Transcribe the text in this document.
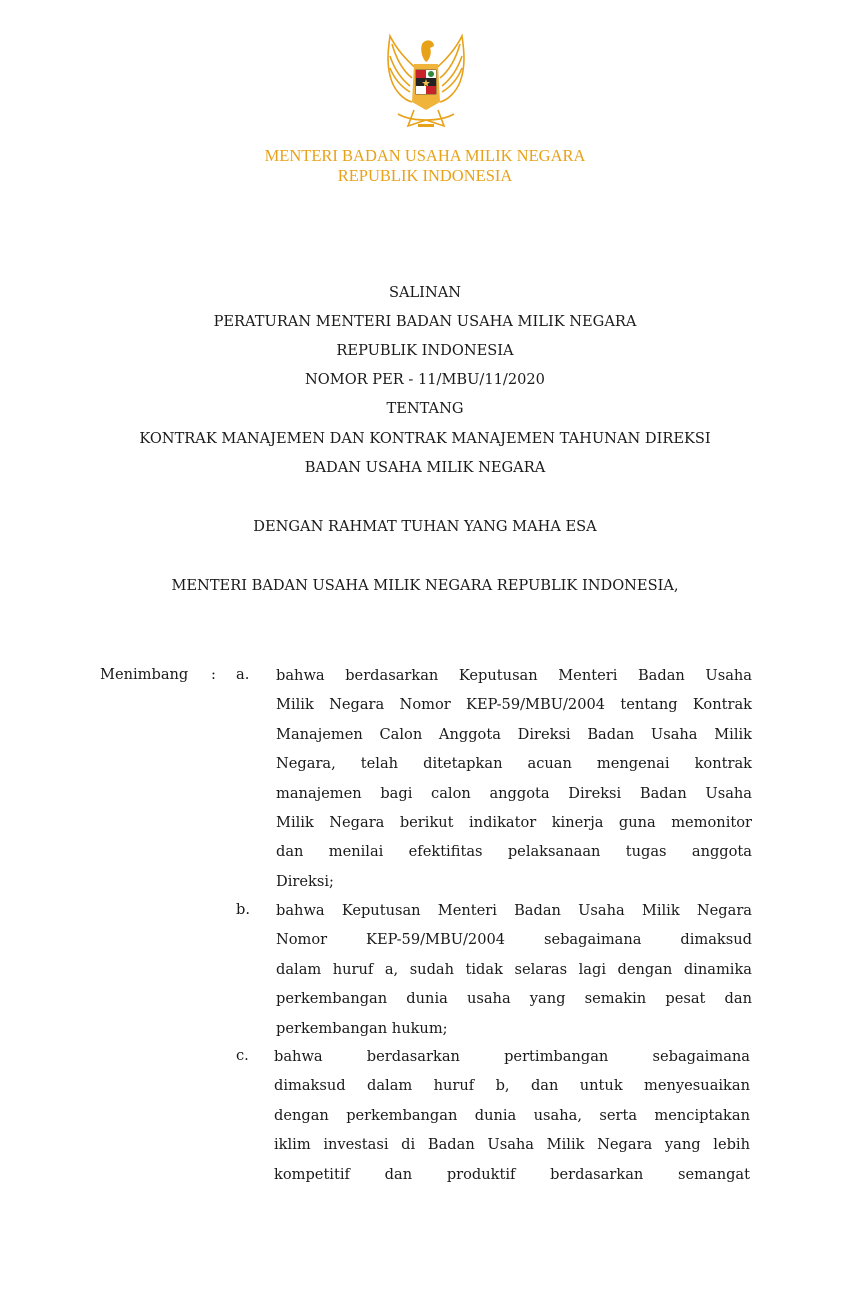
MENTERI BADAN USAHA MILIK NEGARA
REPUBLIK INDONESIA
SALINAN
PERATURAN MENTERI BADAN USAHA MILIK NEGARA
REPUBLIK INDONESIA
NOMOR PER - 11/MBU/11/2020
TENTANG
KONTRAK MANAJEMEN DAN KONTRAK MANAJEMEN TAHUNAN DIREKSI
BADAN USAHA MILIK NEGARA
DENGAN RAHMAT TUHAN YANG MAHA ESA
MENTERI BADAN USAHA MILIK NEGARA REPUBLIK INDONESIA,
Menimbang : a. bahwa berdasarkan Keputusan Menteri Badan Usaha
Milik Negara Nomor KEP-59/MBU/2004 tentang Kontrak
Manajemen Calon Anggota Direksi Badan Usaha Milik
Negara, telah ditetapkan acuan mengenai kontrak
manajemen bagi calon anggota Direksi Badan Usaha
Milik Negara berikut indikator kinerja guna memonitor
dan menilai efektifitas pelaksanaan tugas anggota
Direksi;
b. bahwa Keputusan Menteri Badan Usaha Milik Negara
Nomor KEP-59/MBU/2004 sebagaimana dimaksud
dalam huruf a, sudah tidak selaras lagi dengan dinamika
perkembangan dunia usaha yang semakin pesat dan
perkembangan hukum;
c. bahwa berdasarkan pertimbangan sebagaimana
dimaksud dalam huruf b, dan untuk menyesuaikan
dengan perkembangan dunia usaha, serta menciptakan
iklim investasi di Badan Usaha Milik Negara yang lebih
kompetitif dan produktif berdasarkan semangat
